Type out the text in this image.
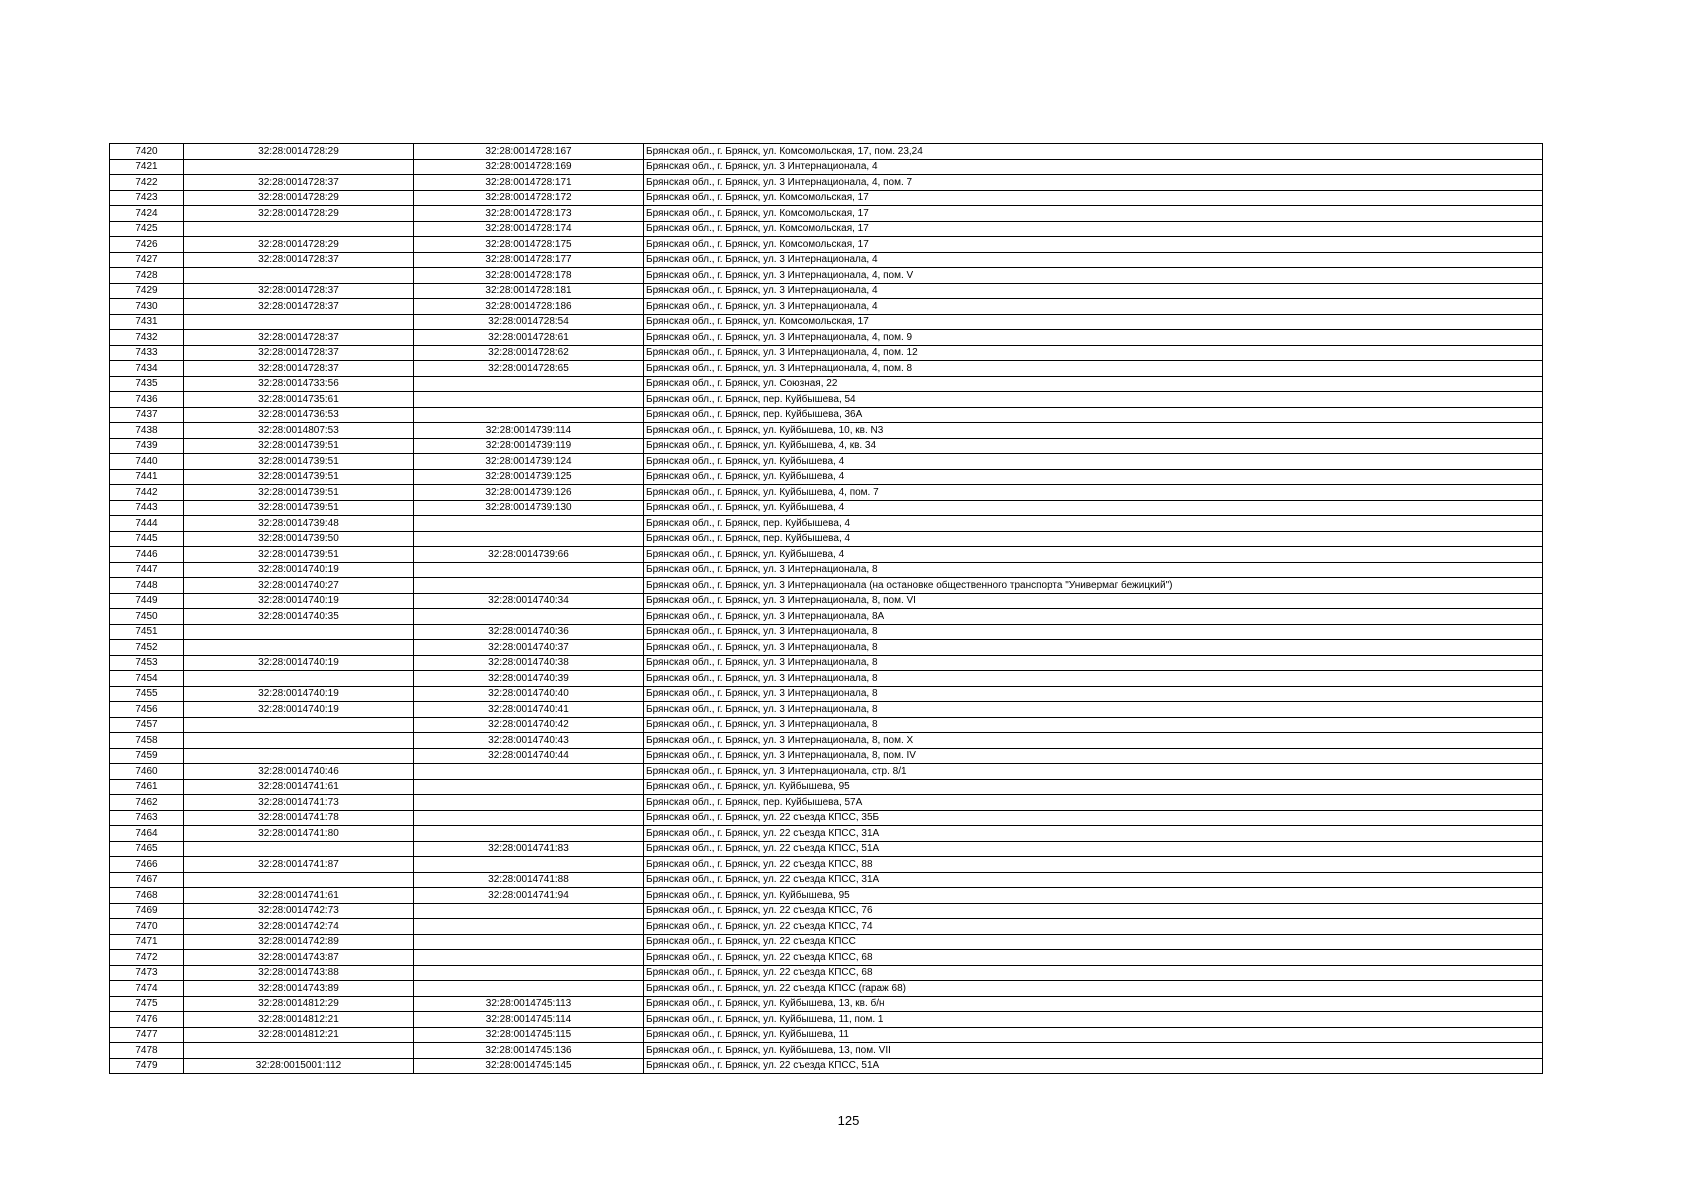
7420	32:28:0014728:29	32:28:0014728:167	Брянская обл., г. Брянск, ул. Комсомольская, 17, пом. 23,24
7421		32:28:0014728:169	Брянская обл., г. Брянск, ул. 3 Интернационала, 4
7422	32:28:0014728:37	32:28:0014728:171	Брянская обл., г. Брянск, ул. 3 Интернационала, 4, пом. 7
7423	32:28:0014728:29	32:28:0014728:172	Брянская обл., г. Брянск, ул. Комсомольская, 17
7424	32:28:0014728:29	32:28:0014728:173	Брянская обл., г. Брянск, ул. Комсомольская, 17
7425		32:28:0014728:174	Брянская обл., г. Брянск, ул. Комсомольская, 17
7426	32:28:0014728:29	32:28:0014728:175	Брянская обл., г. Брянск, ул. Комсомольская, 17
7427	32:28:0014728:37	32:28:0014728:177	Брянская обл., г. Брянск, ул. 3 Интернационала, 4
7428		32:28:0014728:178	Брянская обл., г. Брянск, ул. 3 Интернационала, 4, пом. V
7429	32:28:0014728:37	32:28:0014728:181	Брянская обл., г. Брянск, ул. 3 Интернационала, 4
7430	32:28:0014728:37	32:28:0014728:186	Брянская обл., г. Брянск, ул. 3 Интернационала, 4
7431		32:28:0014728:54	Брянская обл., г. Брянск, ул. Комсомольская, 17
7432	32:28:0014728:37	32:28:0014728:61	Брянская обл., г. Брянск, ул. 3 Интернационала, 4, пом. 9
7433	32:28:0014728:37	32:28:0014728:62	Брянская обл., г. Брянск, ул. 3 Интернационала, 4, пом. 12
7434	32:28:0014728:37	32:28:0014728:65	Брянская обл., г. Брянск, ул. 3 Интернационала, 4, пом. 8
7435	32:28:0014733:56		Брянская обл., г. Брянск, ул. Союзная, 22
7436	32:28:0014735:61		Брянская обл., г. Брянск, пер. Куйбышева, 54
7437	32:28:0014736:53		Брянская обл., г. Брянск, пер. Куйбышева, 36А
7438	32:28:0014807:53	32:28:0014739:114	Брянская обл., г. Брянск, ул. Куйбышева, 10, кв. N3
7439	32:28:0014739:51	32:28:0014739:119	Брянская обл., г. Брянск, ул. Куйбышева, 4, кв. 34
7440	32:28:0014739:51	32:28:0014739:124	Брянская обл., г. Брянск, ул. Куйбышева, 4
7441	32:28:0014739:51	32:28:0014739:125	Брянская обл., г. Брянск, ул. Куйбышева, 4
7442	32:28:0014739:51	32:28:0014739:126	Брянская обл., г. Брянск, ул. Куйбышева, 4, пом. 7
7443	32:28:0014739:51	32:28:0014739:130	Брянская обл., г. Брянск, ул. Куйбышева, 4
7444	32:28:0014739:48		Брянская обл., г. Брянск, пер. Куйбышева, 4
7445	32:28:0014739:50		Брянская обл., г. Брянск, пер. Куйбышева, 4
7446	32:28:0014739:51	32:28:0014739:66	Брянская обл., г. Брянск, ул. Куйбышева, 4
7447	32:28:0014740:19		Брянская обл., г. Брянск, ул. 3 Интернационала, 8
7448	32:28:0014740:27		Брянская обл., г. Брянск, ул. 3 Интернационала (на остановке общественного транспорта "Универмаг бежицкий")
7449	32:28:0014740:19	32:28:0014740:34	Брянская обл., г. Брянск, ул. 3 Интернационала, 8, пом. VI
7450	32:28:0014740:35		Брянская обл., г. Брянск, ул. 3 Интернационала, 8А
7451		32:28:0014740:36	Брянская обл., г. Брянск, ул. 3 Интернационала, 8
7452		32:28:0014740:37	Брянская обл., г. Брянск, ул. 3 Интернационала, 8
7453	32:28:0014740:19	32:28:0014740:38	Брянская обл., г. Брянск, ул. 3 Интернационала, 8
7454		32:28:0014740:39	Брянская обл., г. Брянск, ул. 3 Интернационала, 8
7455	32:28:0014740:19	32:28:0014740:40	Брянская обл., г. Брянск, ул. 3 Интернационала, 8
7456	32:28:0014740:19	32:28:0014740:41	Брянская обл., г. Брянск, ул. 3 Интернационала, 8
7457		32:28:0014740:42	Брянская обл., г. Брянск, ул. 3 Интернационала, 8
7458		32:28:0014740:43	Брянская обл., г. Брянск, ул. 3 Интернационала, 8, пом. X
7459		32:28:0014740:44	Брянская обл., г. Брянск, ул. 3 Интернационала, 8, пом. IV
7460	32:28:0014740:46		Брянская обл., г. Брянск, ул. 3 Интернационала, стр. 8/1
7461	32:28:0014741:61		Брянская обл., г. Брянск, ул. Куйбышева, 95
7462	32:28:0014741:73		Брянская обл., г. Брянск, пер. Куйбышева, 57А
7463	32:28:0014741:78		Брянская обл., г. Брянск, ул. 22 съезда КПСС, 35Б
7464	32:28:0014741:80		Брянская обл., г. Брянск, ул. 22 съезда КПСС, 31А
7465		32:28:0014741:83	Брянская обл., г. Брянск, ул. 22 съезда КПСС, 51А
7466	32:28:0014741:87		Брянская обл., г. Брянск, ул. 22 съезда КПСС, 88
7467		32:28:0014741:88	Брянская обл., г. Брянск, ул. 22 съезда КПСС, 31А
7468	32:28:0014741:61	32:28:0014741:94	Брянская обл., г. Брянск, ул. Куйбышева, 95
7469	32:28:0014742:73		Брянская обл., г. Брянск, ул. 22 съезда КПСС, 76
7470	32:28:0014742:74		Брянская обл., г. Брянск, ул. 22 съезда КПСС, 74
7471	32:28:0014742:89		Брянская обл., г. Брянск, ул. 22 съезда КПСС
7472	32:28:0014743:87		Брянская обл., г. Брянск, ул. 22 съезда КПСС, 68
7473	32:28:0014743:88		Брянская обл., г. Брянск, ул. 22 съезда КПСС, 68
7474	32:28:0014743:89		Брянская обл., г. Брянск, ул. 22 съезда КПСС (гараж 68)
7475	32:28:0014812:29	32:28:0014745:113	Брянская обл., г. Брянск, ул. Куйбышева, 13, кв. б/н
7476	32:28:0014812:21	32:28:0014745:114	Брянская обл., г. Брянск, ул. Куйбышева, 11, пом. 1
7477	32:28:0014812:21	32:28:0014745:115	Брянская обл., г. Брянск, ул. Куйбышева, 11
7478		32:28:0014745:136	Брянская обл., г. Брянск, ул. Куйбышева, 13, пом. VII
7479	32:28:0015001:112	32:28:0014745:145	Брянская обл., г. Брянск, ул. 22 съезда КПСС, 51А
125
